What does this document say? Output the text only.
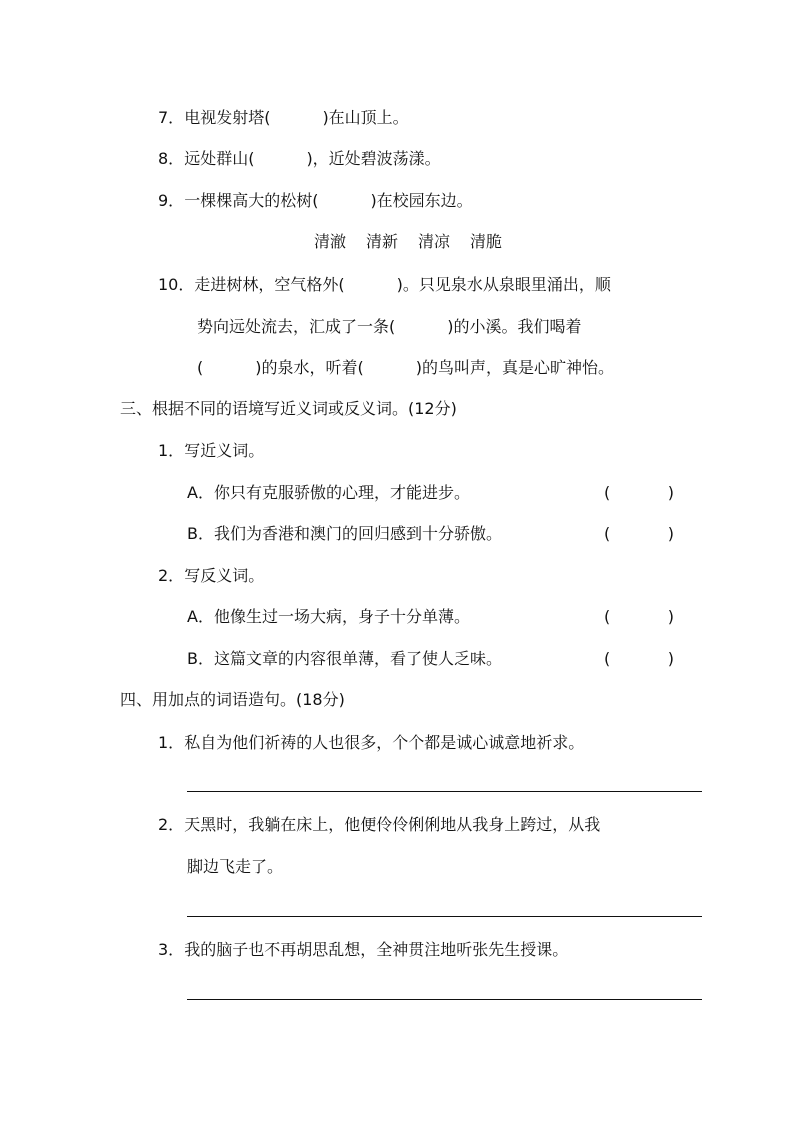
7．电视发射塔(	)在山顶上。
8．远处群山(	)，近处碧波荡漾。
9．一棵棵高大的松树(	)在校园东边。
清澈 清新 清凉 清脆
10．走进树林，空气格外(	)。只见泉水从泉眼里涌出，顺
势向远处流去，汇成了一条(	)的小溪。我们喝着
(	)的泉水，听着(	)的鸟叫声，真是心旷神怡。
三、根据不同的语境写近义词或反义词。(12分)
1．写近义词。
A．你只有克服骄傲的心理，才能进步。	(	)
B．我们为香港和澳门的回归感到十分骄傲。	(	)
2．写反义词。
A．他像生过一场大病，身子十分单薄。	(	)
B．这篇文章的内容很单薄，看了使人乏味。	(	)
四、用加点的词语造句。(18分)
1．私自为他们祈祷的人也很多，个个都是诚心诚意地祈求。
2．天黑时，我躺在床上，他便伶伶俐俐地从我身上跨过，从我
脚边飞走了。
3．我的脑子也不再胡思乱想，全神贯注地听张先生授课。
